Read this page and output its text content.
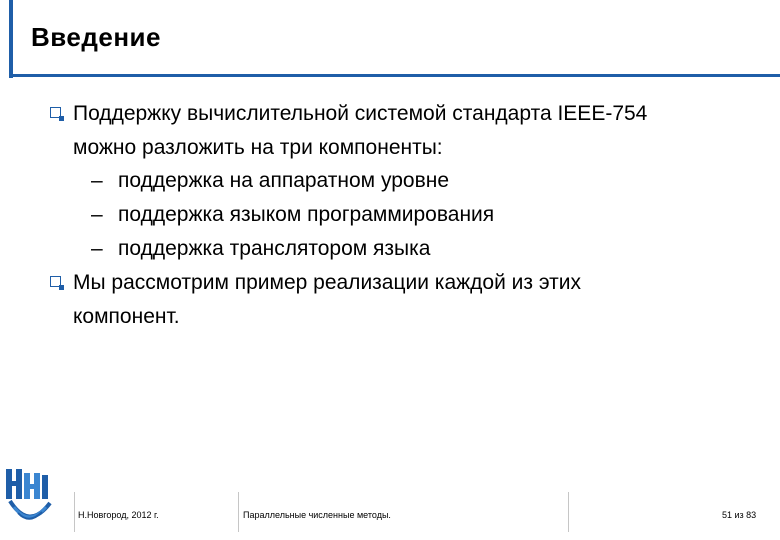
Введение
Поддержку вычислительной системой стандарта IEEE-754
можно разложить на три компоненты:
– поддержка на аппаратном уровне
– поддержка языком программирования
– поддержка транслятором языка
Мы рассмотрим пример реализации каждой из этих
компонент.
Н.Новгород, 2012 г.	Параллельные численные методы.	51 из 83
